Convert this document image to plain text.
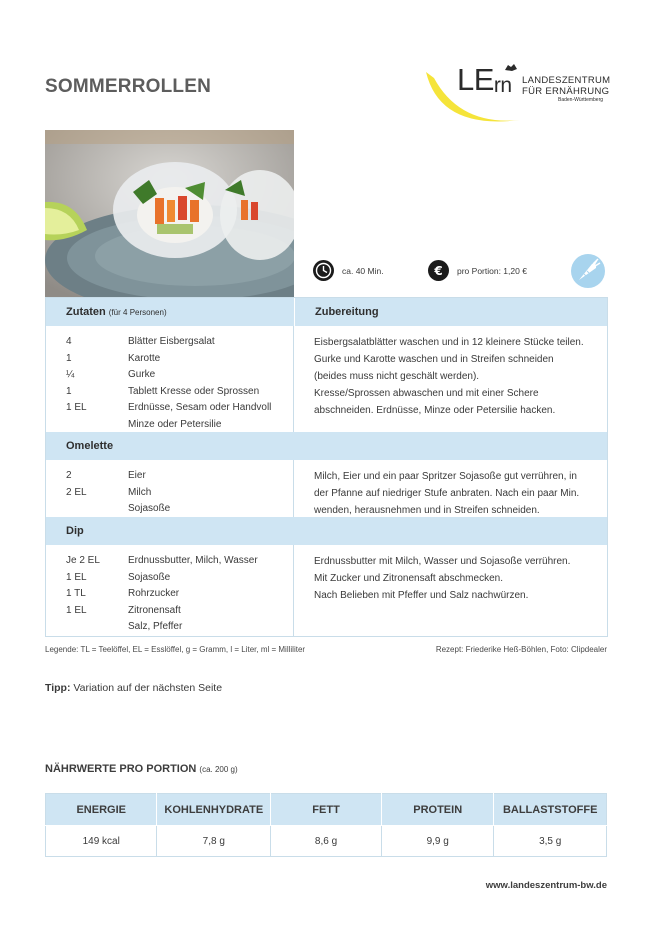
SOMMERROLLEN	LErn LANDESZENTRUM
FÜR ERNÄHRUNG
Baden-Württemberg
ca. 40 Min.	€ pro Portion: 1,20 €
Zutaten (für 4 Personen)	Zubereitung
4	Blätter Eisbergsalat
1	Karotte
¼	Gurke
1	Tablett Kresse oder Sprossen
1 EL	Erdnüsse, Sesam oder Handvoll
Minze oder Petersilie

Eisbergsalatblätter waschen und in 12 kleinere Stücke teilen.

Gurke und Karotte waschen und in Streifen schneiden

(beides muss nicht geschält werden).

Kresse/Sprossen abwaschen und mit einer Schere

abschneiden. Erdnüsse, Minze oder Petersilie hacken.

Omelette
2	Eier
2 EL	Milch
Sojasoße

Milch, Eier und ein paar Spritzer Sojasoße gut verrühren, in

der Pfanne auf niedriger Stufe anbraten. Nach ein paar Min.

wenden, herausnehmen und in Streifen schneiden.

Dip
Je 2 EL	Erdnussbutter, Milch, Wasser
1 EL	Sojasoße
1 TL	Rohrzucker
1 EL	Zitronensaft
Salz, Pfeffer

Erdnussbutter mit Milch, Wasser und Sojasoße verrühren.

Mit Zucker und Zitronensaft abschmecken.

Nach Belieben mit Pfeffer und Salz nachwürzen.

Legende: TL = Teelöffel, EL = Esslöffel, g = Gramm, l = Liter, ml = Milliliter	Rezept: Friederike Heß-Böhlen, Foto: Clipdealer
Tipp: Variation auf der nächsten Seite
NÄHRWERTE PRO PORTION (ca. 200 g)
ENERGIE	KOHLENHYDRATE	FETT	PROTEIN	BALLASTSTOFFE
149 kcal	7,8 g	8,6 g	9,9 g	3,5 g
www.landeszentrum-bw.de
